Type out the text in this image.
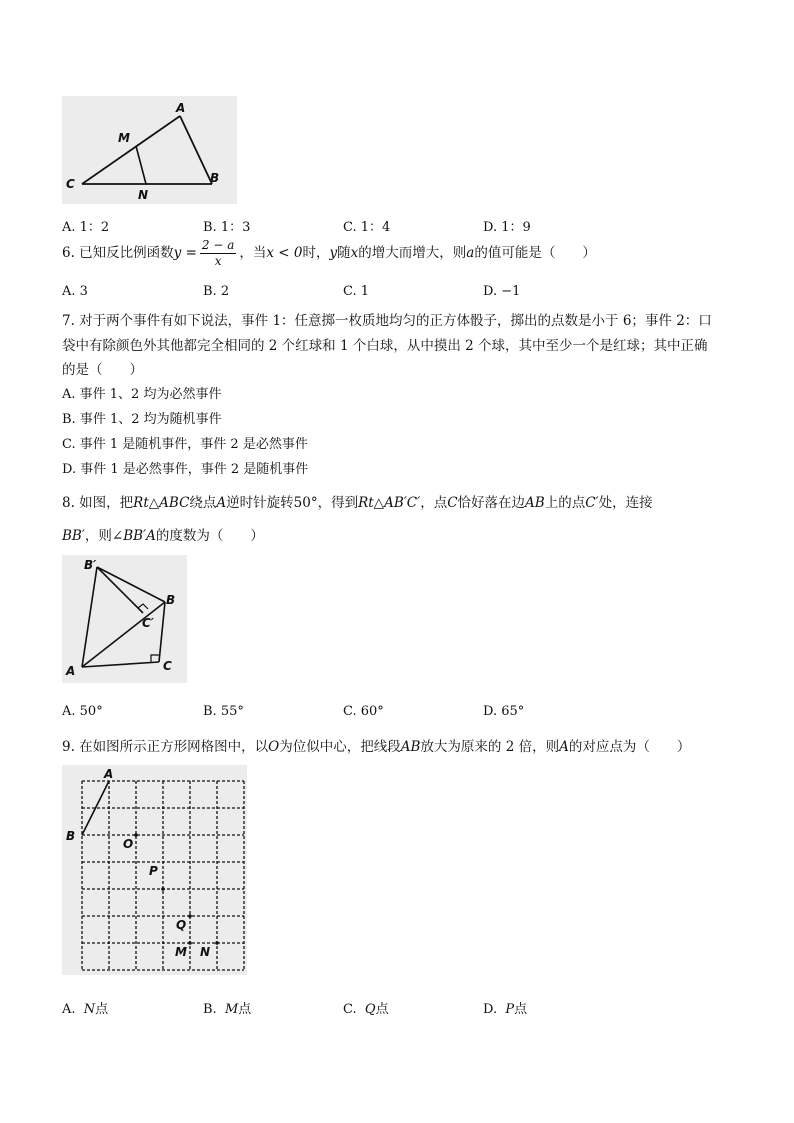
A
M
C
N
B
A. 1：2	B. 1：3	C. 1：4	D. 1：9
6. 已知反比例函数$y = \frac{2 - a}{x}$ ，当x < 0时，y随x的增大而增大，则a的值可能是（　　）
A. 3	B. 2	C. 1	D. −1
7. 对于两个事件有如下说法，事件 1：任意掷一枚质地均匀的正方体骰子，掷出的点数是小于 6；事件 2：口
袋中有除颜色外其他都完全相同的 2 个红球和 1 个白球，从中摸出 2 个球，其中至少一个是红球；其中正确
的是（　　）
A. 事件 1、2 均为必然事件
B. 事件 1、2 均为随机事件
C. 事件 1 是随机事件，事件 2 是必然事件
D. 事件 1 是必然事件，事件 2 是随机事件
8. 如图，把Rt△ABC绕点A逆时针旋转50°，得到Rt△AB′C′，点C恰好落在边AB上的点C′处，连接
BB′，则∠BB′A的度数为（　　）
B′
B
C′
A	C
A. 50°	B. 55°	C. 60°	D. 65°
9. 在如图所示正方形网格图中，以O为位似中心，把线段AB放大为原来的 2 倍，则A的对应点为（　　）
A
B
O
P
Q
M N
A. N点	B. M点	C. Q点	D. P点
